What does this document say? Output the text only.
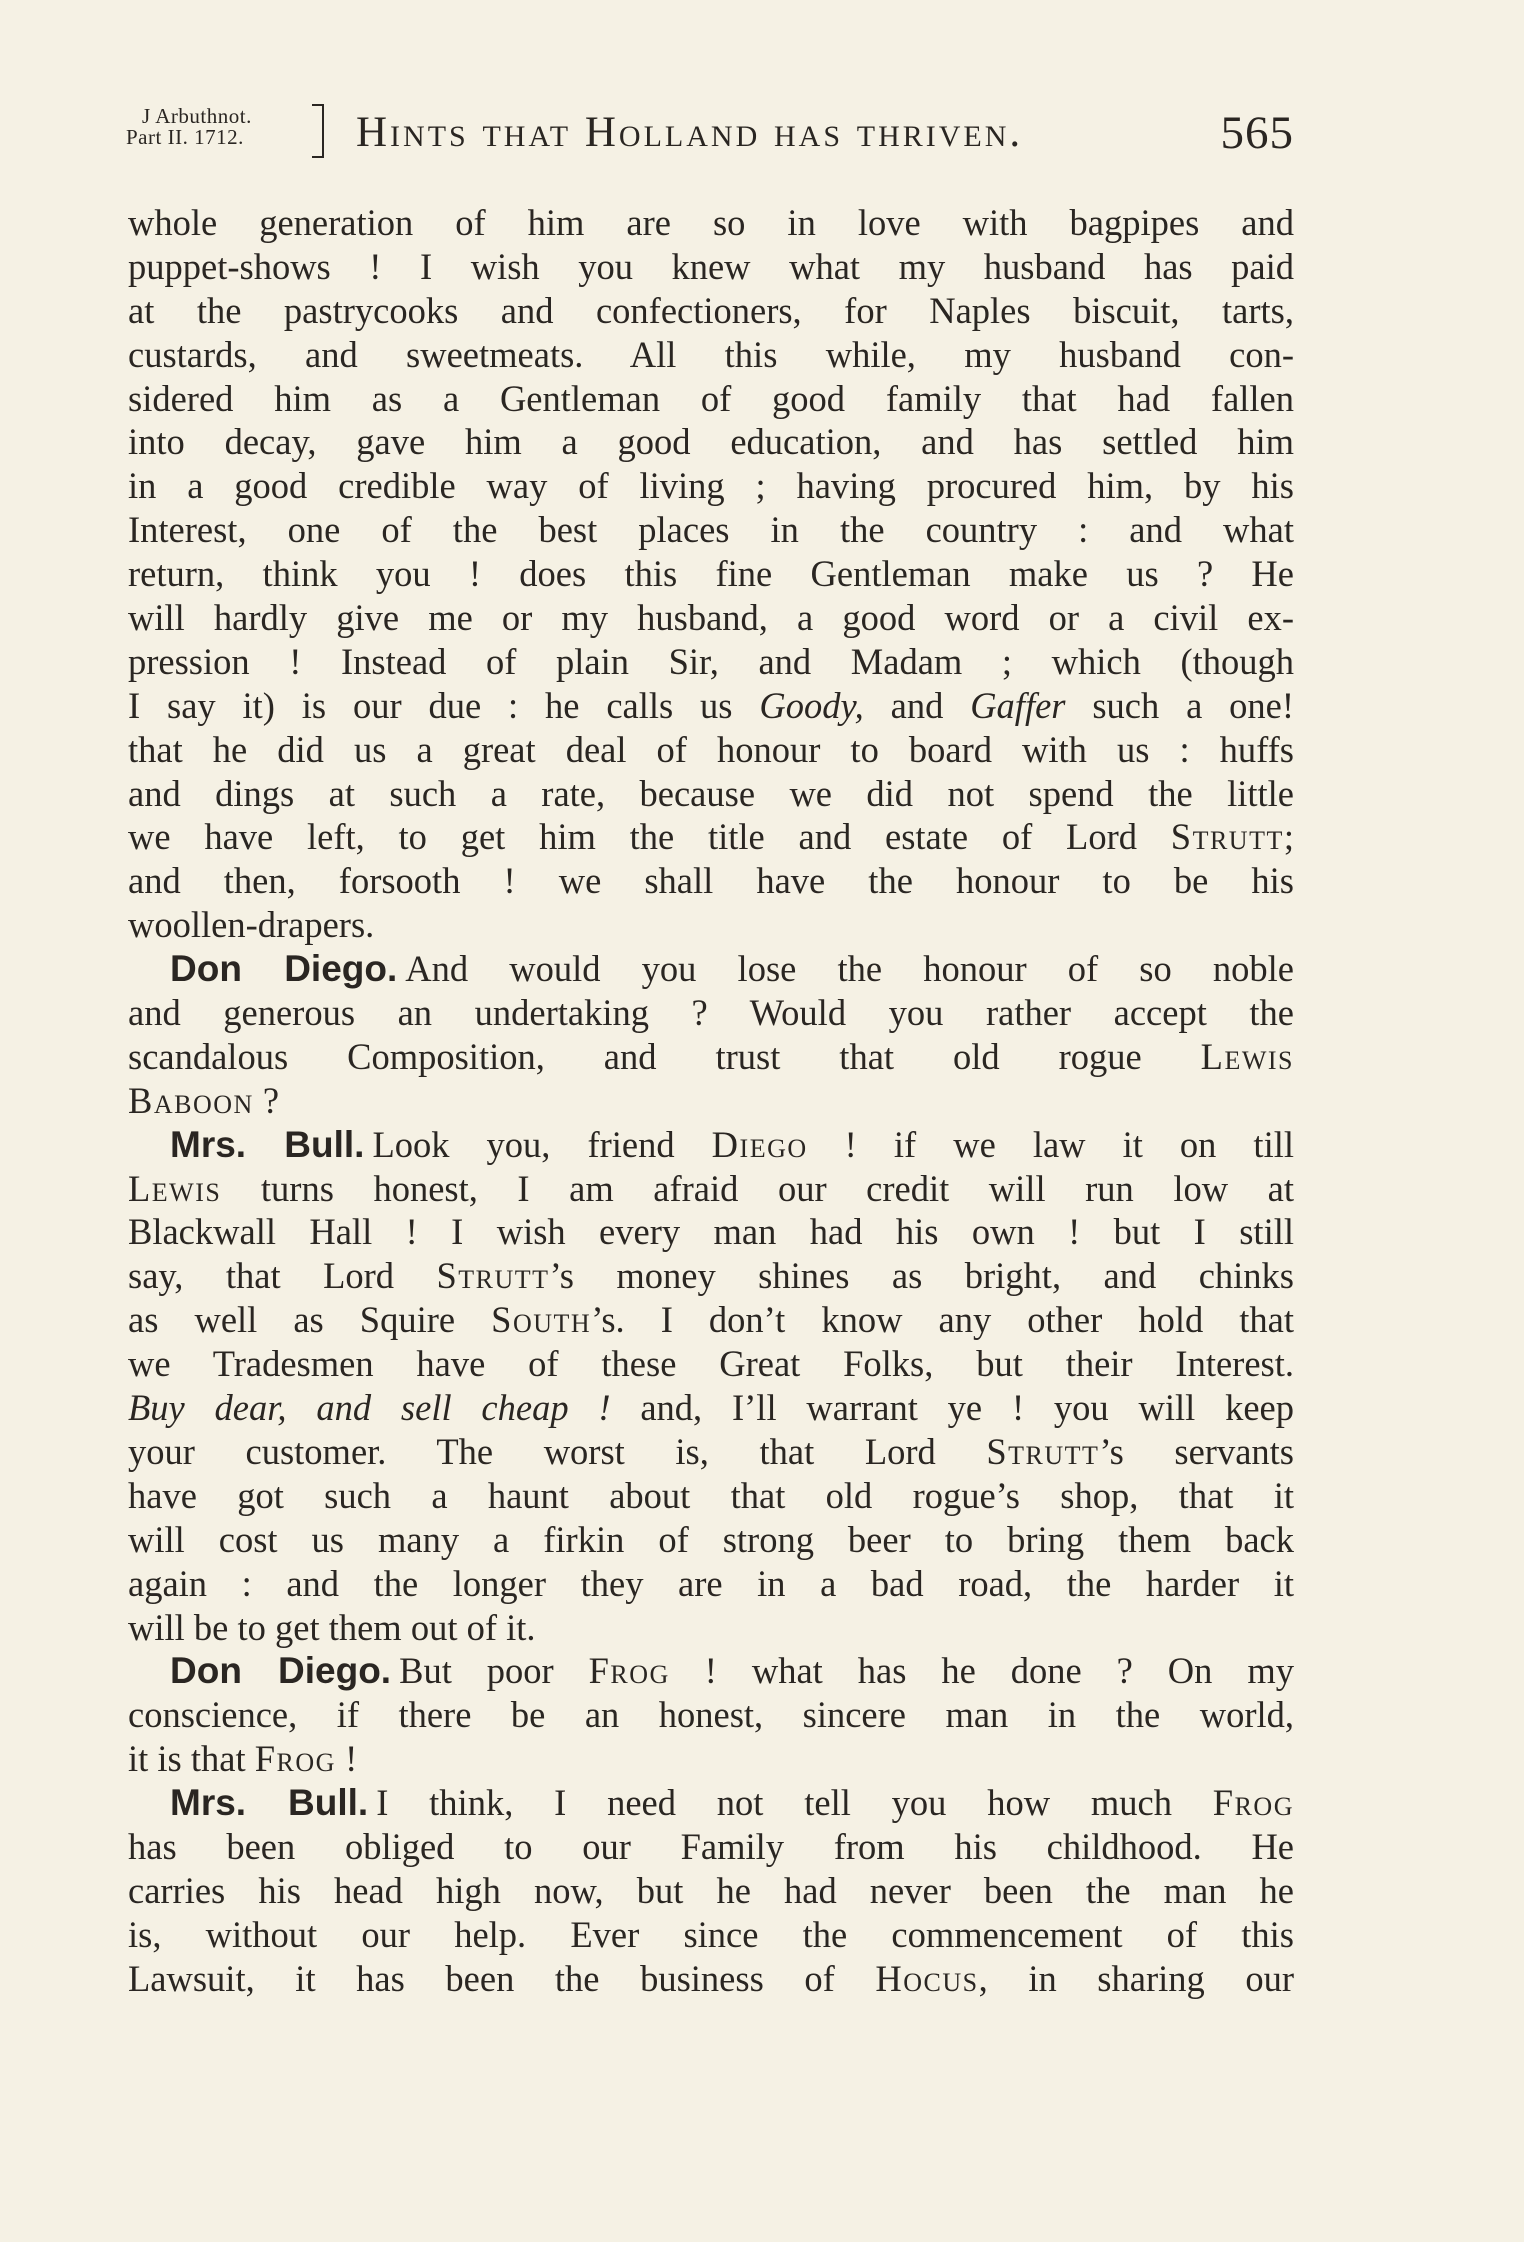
J Arbuthnot.
Part II. 1712.	Hints that Holland has thriven.	565
whole generation of him are so in love with bagpipes and
puppet-shows ! I wish you knew what my husband has paid
at the pastrycooks and confectioners, for Naples biscuit, tarts,
custards, and sweetmeats. All this while, my husband con-
sidered him as a Gentleman of good family that had fallen
into decay, gave him a good education, and has settled him
in a good credible way of living ; having procured him, by his
Interest, one of the best places in the country : and what
return, think you ! does this fine Gentleman make us ? He
will hardly give me or my husband, a good word or a civil ex-
pression ! Instead of plain Sir, and Madam ; which (though
I say it) is our due : he calls us Goody, and Gaffer such a one!
that he did us a great deal of honour to board with us : huffs
and dings at such a rate, because we did not spend the little
we have left, to get him the title and estate of Lord Strutt;
and then, forsooth ! we shall have the honour to be his
woollen-drapers.
Don Diego. And would you lose the honour of so noble
and generous an undertaking ? Would you rather accept the
scandalous Composition, and trust that old rogue Lewis
Baboon ?
Mrs. Bull. Look you, friend Diego ! if we law it on till
Lewis turns honest, I am afraid our credit will run low at
Blackwall Hall ! I wish every man had his own ! but I still
say, that Lord Strutt’s money shines as bright, and chinks
as well as Squire South’s. I don’t know any other hold that
we Tradesmen have of these Great Folks, but their Interest.
Buy dear, and sell cheap ! and, I’ll warrant ye ! you will keep
your customer. The worst is, that Lord Strutt’s servants
have got such a haunt about that old rogue’s shop, that it
will cost us many a firkin of strong beer to bring them back
again : and the longer they are in a bad road, the harder it
will be to get them out of it.
Don Diego. But poor Frog ! what has he done ? On my
conscience, if there be an honest, sincere man in the world,
it is that Frog !
Mrs. Bull. I think, I need not tell you how much Frog
has been obliged to our Family from his childhood. He
carries his head high now, but he had never been the man he
is, without our help. Ever since the commencement of this
Lawsuit, it has been the business of Hocus, in sharing our
